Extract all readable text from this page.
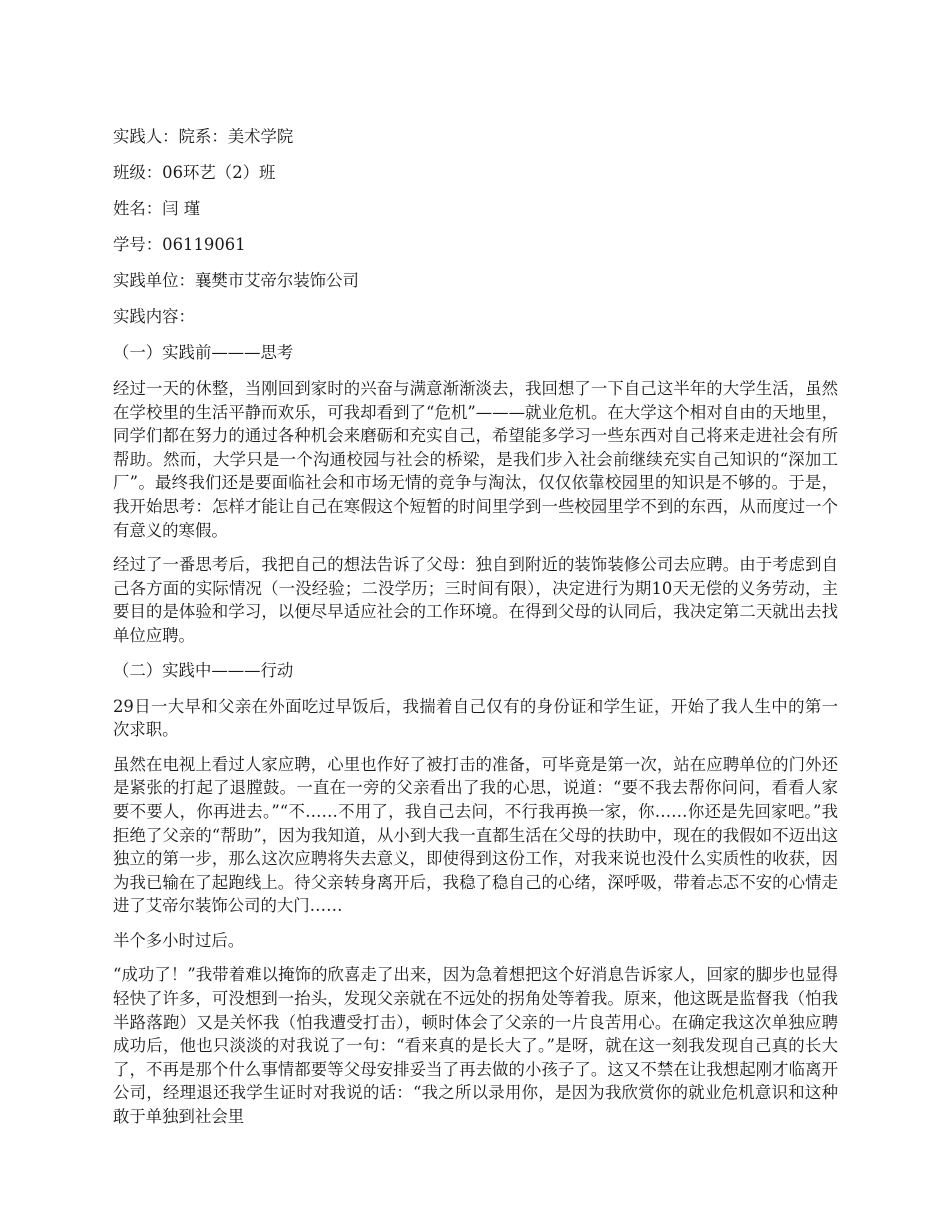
实践人：院系：美术学院
班级：06环艺（2）班
姓名：闫 瑾
学号：06119061
实践单位：襄樊市艾帝尔装饰公司
实践内容：
（一）实践前———思考

经过一天的休整，当刚回到家时的兴奋与满意渐渐淡去，我回想了一下自己这半年的大学生活，虽然在学校里的生活平静而欢乐，可我却看到了“危机”———就业危机。在大学这个相对自由的天地里，同学们都在努力的通过各种机会来磨砺和充实自己，希望能多学习一些东西对自己将来走进社会有所帮助。然而，大学只是一个沟通校园与社会的桥梁，是我们步入社会前继续充实自己知识的“深加工厂”。最终我们还是要面临社会和市场无情的竞争与淘汰，仅仅依靠校园里的知识是不够的。于是，我开始思考：怎样才能让自己在寒假这个短暂的时间里学到一些校园里学不到的东西，从而度过一个有意义的寒假。

经过了一番思考后，我把自己的想法告诉了父母：独自到附近的装饰装修公司去应聘。由于考虑到自己各方面的实际情况（一没经验；二没学历；三时间有限），决定进行为期10天无偿的义务劳动，主要目的是体验和学习，以便尽早适应社会的工作环境。在得到父母的认同后，我决定第二天就出去找单位应聘。

（二）实践中———行动

29日一大早和父亲在外面吃过早饭后，我揣着自己仅有的身份证和学生证，开始了我人生中的第一次求职。

虽然在电视上看过人家应聘，心里也作好了被打击的准备，可毕竟是第一次，站在应聘单位的门外还是紧张的打起了退膛鼓。一直在一旁的父亲看出了我的心思，说道：“要不我去帮你问问，看看人家要不要人，你再进去。”“不……不用了，我自己去问，不行我再换一家，你……你还是先回家吧。”我拒绝了父亲的“帮助”，因为我知道，从小到大我一直都生活在父母的扶助中，现在的我假如不迈出这独立的第一步，那么这次应聘将失去意义，即使得到这份工作，对我来说也没什么实质性的收获，因为我已输在了起跑线上。待父亲转身离开后，我稳了稳自己的心绪，深呼吸，带着忐忑不安的心情走进了艾帝尔装饰公司的大门……

半个多小时过后。

“成功了！”我带着难以掩饰的欣喜走了出来，因为急着想把这个好消息告诉家人，回家的脚步也显得轻快了许多，可没想到一抬头，发现父亲就在不远处的拐角处等着我。原来，他这既是监督我（怕我半路落跑）又是关怀我（怕我遭受打击），顿时体会了父亲的一片良苦用心。在确定我这次单独应聘成功后，他也只淡淡的对我说了一句：“看来真的是长大了。”是呀，就在这一刻我发现自己真的长大了，不再是那个什么事情都要等父母安排妥当了再去做的小孩子了。这又不禁在让我想起刚才临离开公司，经理退还我学生证时对我说的话：“我之所以录用你，是因为我欣赏你的就业危机意识和这种敢于单独到社会里
